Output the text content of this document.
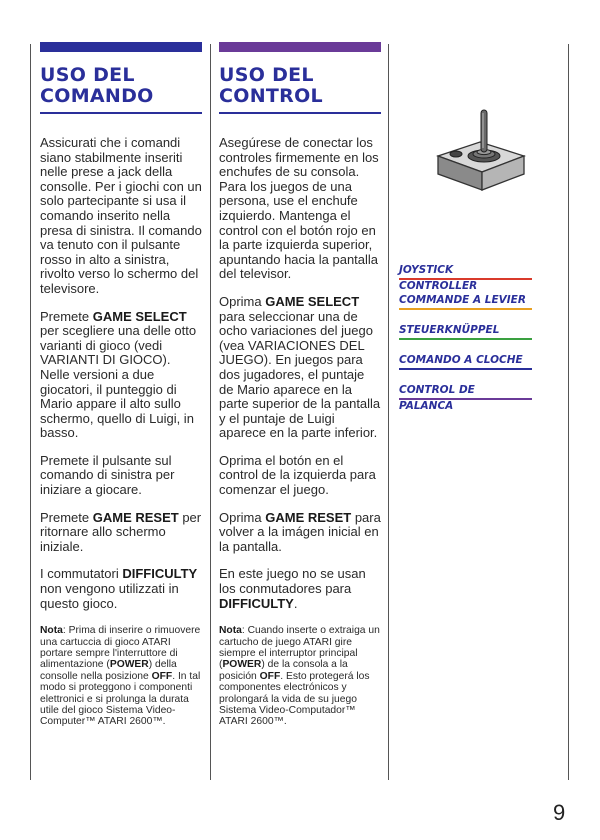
USO DEL
COMANDO

Assicurati che i comandi siano stabilmente inseriti nelle prese a jack della consolle. Per i giochi con un solo partecipante si usa il comando inserito nella presa di sinistra. Il comando va tenuto con il pulsante rosso in alto a sinistra, rivolto verso lo schermo del televisore.

Premete GAME SELECT per scegliere una delle otto varianti di gioco (vedi VARIANTI DI GIOCO). Nelle versioni a due giocatori, il punteggio di Mario appare il alto sullo schermo, quello di Luigi, in basso.

Premete il pulsante sul comando di sinistra per iniziare a giocare.

Premete GAME RESET per ritornare allo schermo iniziale.

I commutatori DIFFICULTY non vengono utilizzati in questo gioco.

Nota: Prima di inserire o rimuovere una cartuccia di gioco ATARI portare sempre l'interruttore di alimentazione (POWER) della consolle nella posizione OFF. In tal modo si proteggono i componenti elettronici e si prolunga la durata utile del gioco Sistema Video-Computer™ ATARI 2600™.

USO DEL
CONTROL

Asegúrese de conectar los controles firmemente en los enchufes de su consola. Para los juegos de una persona, use el enchufe izquierdo. Mantenga el control con el botón rojo en la parte izquierda superior, apuntando hacia la pantalla del televisor.

Oprima GAME SELECT para seleccionar una de ocho variaciones del juego (vea VARIACIONES DEL JUEGO). En juegos para dos jugadores, el puntaje de Mario aparece en la parte superior de la pantalla y el puntaje de Luigi aparece en la parte inferior.

Oprima el botón en el control de la izquierda para comenzar el juego.

Oprima GAME RESET para volver a la imágen inicial en la pantalla.

En este juego no se usan los conmutadores para DIFFICULTY.

Nota: Cuando inserte o extraiga un cartucho de juego ATARI gire siempre el interruptor principal (POWER) de la consola a la posición OFF. Esto protegerá los componentes electrónicos y prolongará la vida de su juego Sistema Video-Computador™ ATARI 2600™.

JOYSTICK CONTROLLER
COMMANDE A LEVIER
STEUERKNÜPPEL
COMANDO A CLOCHE
CONTROL DE PALANCA
9
